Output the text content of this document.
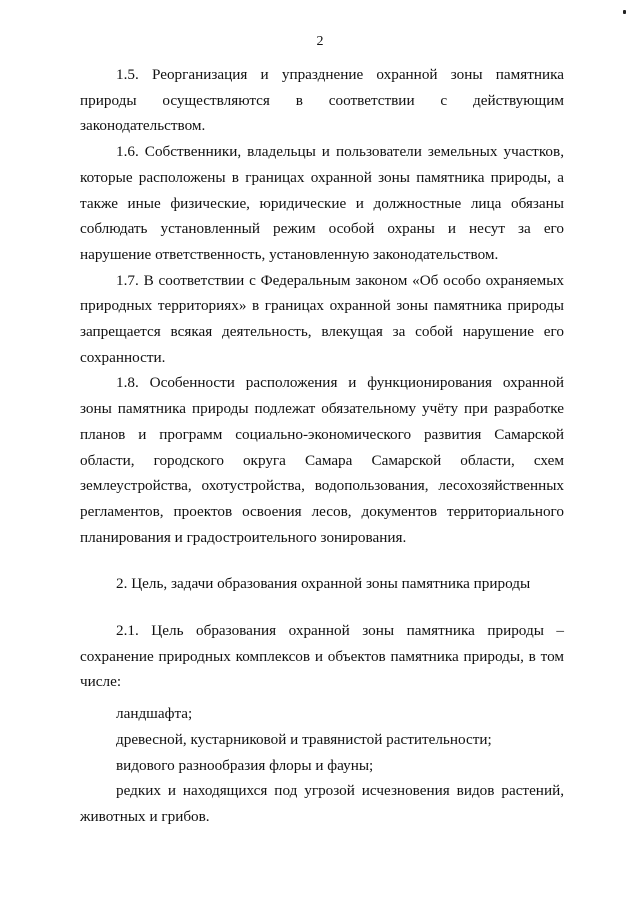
2

1.5. Реорганизация и упразднение охранной зоны памятника природы осуществляются в соответствии с действующим законодательством.

1.6. Собственники, владельцы и пользователи земельных участков, которые расположены в границах охранной зоны памятника природы, а также иные физические, юридические и должностные лица обязаны соблюдать установленный режим особой охраны и несут за его нарушение ответственность, установленную законодательством.

1.7. В соответствии с Федеральным законом «Об особо охраняемых природных территориях» в границах охранной зоны памятника природы запрещается всякая деятельность, влекущая за собой нарушение его сохранности.

1.8. Особенности расположения и функционирования охранной зоны памятника природы подлежат обязательному учёту при разработке планов и программ социально-экономического развития Самарской области, городского округа Самара Самарской области, схем землеустройства, охотустройства, водопользования, лесохозяйственных регламентов, проектов освоения лесов, документов территориального планирования и градостроительного зонирования.

2. Цель, задачи образования охранной зоны памятника природы

2.1. Цель образования охранной зоны памятника природы – сохранение природных комплексов и объектов памятника природы, в том числе:

ландшафта;

древесной, кустарниковой и травянистой растительности;

видового разнообразия флоры и фауны;

редких и находящихся под угрозой исчезновения видов растений, животных и грибов.
